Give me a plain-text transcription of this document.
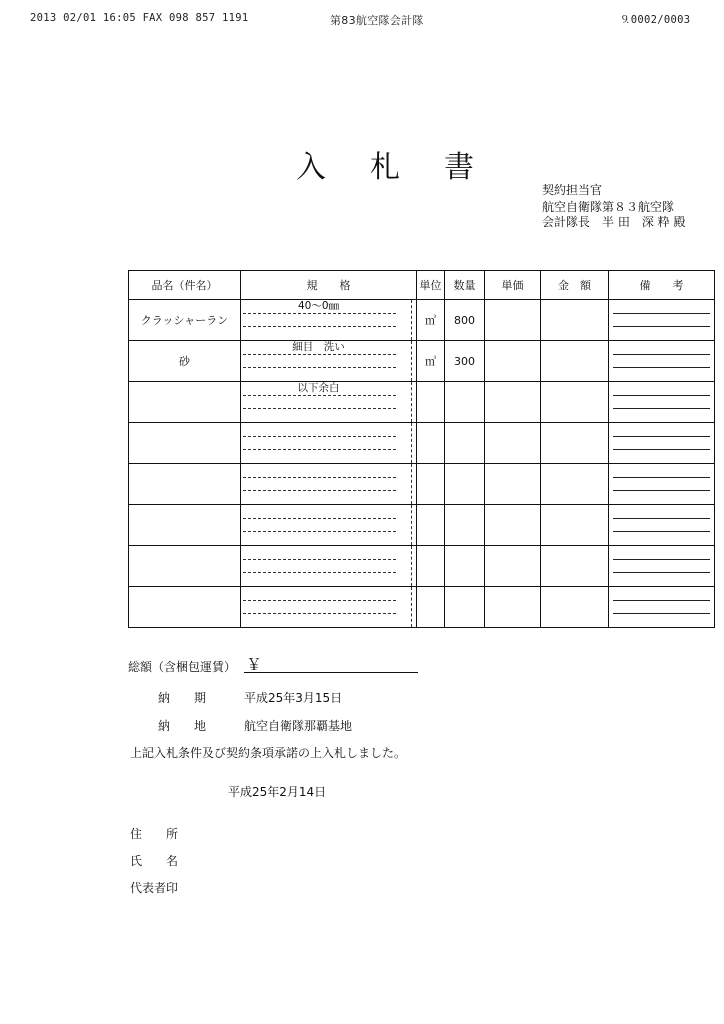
2013 02/01 16:05 FAX 098 857 1191	第83航空隊会計隊	⒐0002/0003
入札書
契約担当官
航空自衛隊第８３航空隊
会計隊長　半 田　深 粋 殿
品名（件名）	規　　格	単位	数量	単価	金　額	備　　考

クラッシャーラン	40～0㎜	㎥	800			

砂	細目　洗い	㎥	300			

	以下余白					

総額（含梱包運賃） ￥
納　　期	平成25年3月15日
納　　地	航空自衛隊那覇基地
上記入札条件及び契約条項承諾の上入札しました。
平成25年2月14日
住　　所
氏　　名
代表者印
